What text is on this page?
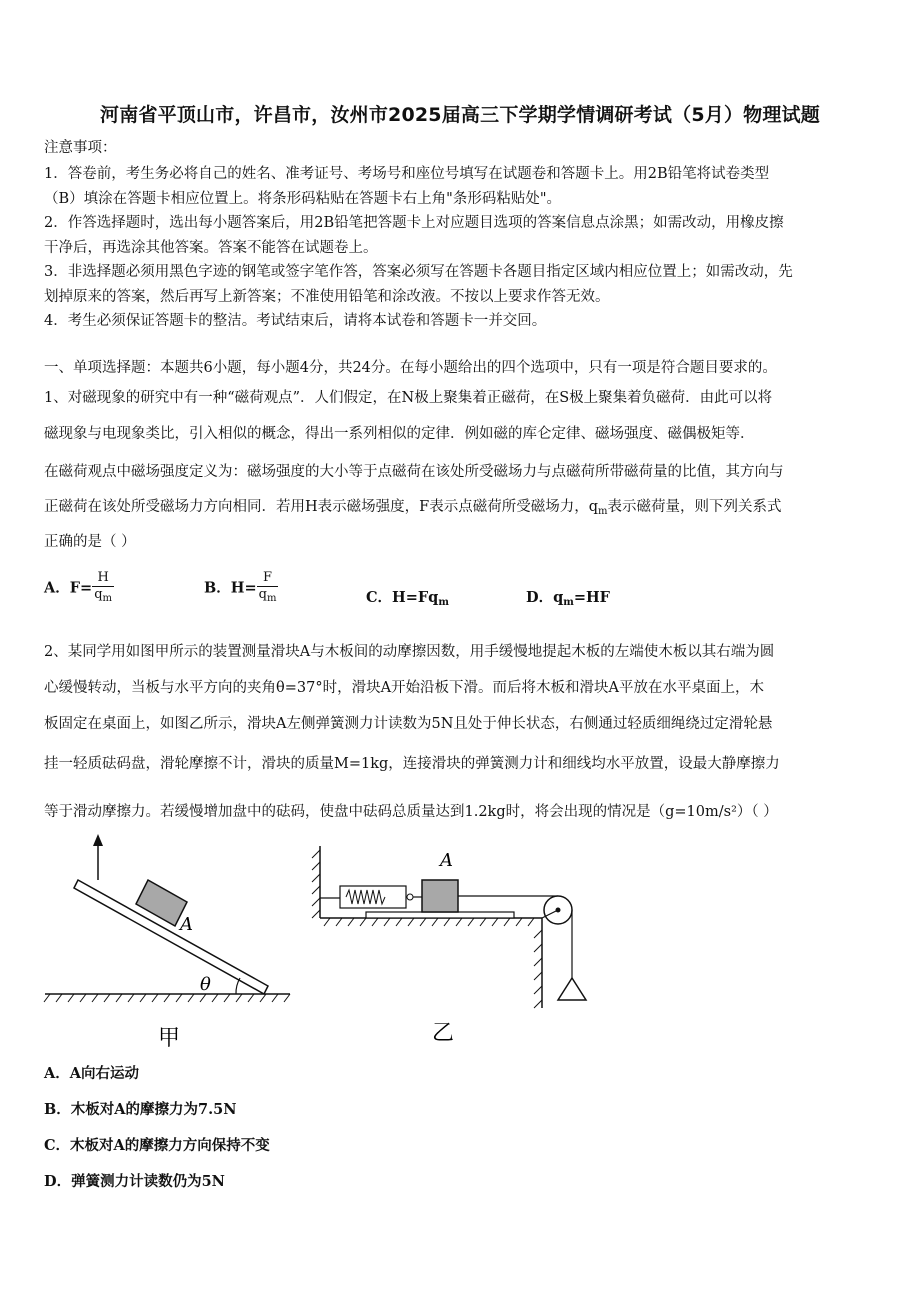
河南省平顶山市，许昌市，汝州市2025届高三下学期学情调研考试（5月）物理试题
注意事项：
1．答卷前，考生务必将自己的姓名、准考证号、考场号和座位号填写在试题卷和答题卡上。用2B铅笔将试卷类型
（B）填涂在答题卡相应位置上。将条形码粘贴在答题卡右上角"条形码粘贴处"。
2．作答选择题时，选出每小题答案后，用2B铅笔把答题卡上对应题目选项的答案信息点涂黑；如需改动，用橡皮擦
干净后，再选涂其他答案。答案不能答在试题卷上。
3．非选择题必须用黑色字迹的钢笔或签字笔作答，答案必须写在答题卡各题目指定区域内相应位置上；如需改动，先
划掉原来的答案，然后再写上新答案；不准使用铅笔和涂改液。不按以上要求作答无效。
4．考生必须保证答题卡的整洁。考试结束后，请将本试卷和答题卡一并交回。
一、单项选择题：本题共6小题，每小题4分，共24分。在每小题给出的四个选项中，只有一项是符合题目要求的。
1、对磁现象的研究中有一种“磁荷观点”．人们假定，在N极上聚集着正磁荷，在S极上聚集着负磁荷．由此可以将
磁现象与电现象类比，引入相似的概念，得出一系列相似的定律．例如磁的库仑定律、磁场强度、磁偶极矩等．
在磁荷观点中磁场强度定义为：磁场强度的大小等于点磁荷在该处所受磁场力与点磁荷所带磁荷量的比值，其方向与
正磁荷在该处所受磁场力方向相同．若用H表示磁场强度，F表示点磁荷所受磁场力，$q_m$表示磁荷量，则下列关系式
正确的是（ ）
A．$F= \frac{H}{q_m}$	B．$H= \frac{F}{q_m}$	C．$H=Fq_m$	D．$q_m=HF$
2、某同学用如图甲所示的装置测量滑块A与木板间的动摩擦因数，用手缓慢地提起木板的左端使木板以其右端为圆
心缓慢转动，当板与水平方向的夹角θ=37°时，滑块A开始沿板下滑。而后将木板和滑块A平放在水平桌面上，木
板固定在桌面上，如图乙所示，滑块A左侧弹簧测力计读数为5N且处于伸长状态，右侧通过轻质细绳绕过定滑轮悬
挂一轻质砝码盘，滑轮摩擦不计，滑块的质量M=1kg，连接滑块的弹簧测力计和细线均水平放置，设最大静摩擦力
等于滑动摩擦力。若缓慢增加盘中的砝码，使盘中砝码总质量达到1.2kg时，将会出现的情况是（g=10m/s²）（ ）
A
θ
甲
A
乙
A．A向右运动
B．木板对A的摩擦力为7.5N
C．木板对A的摩擦力方向保持不变
D．弹簧测力计读数仍为5N
